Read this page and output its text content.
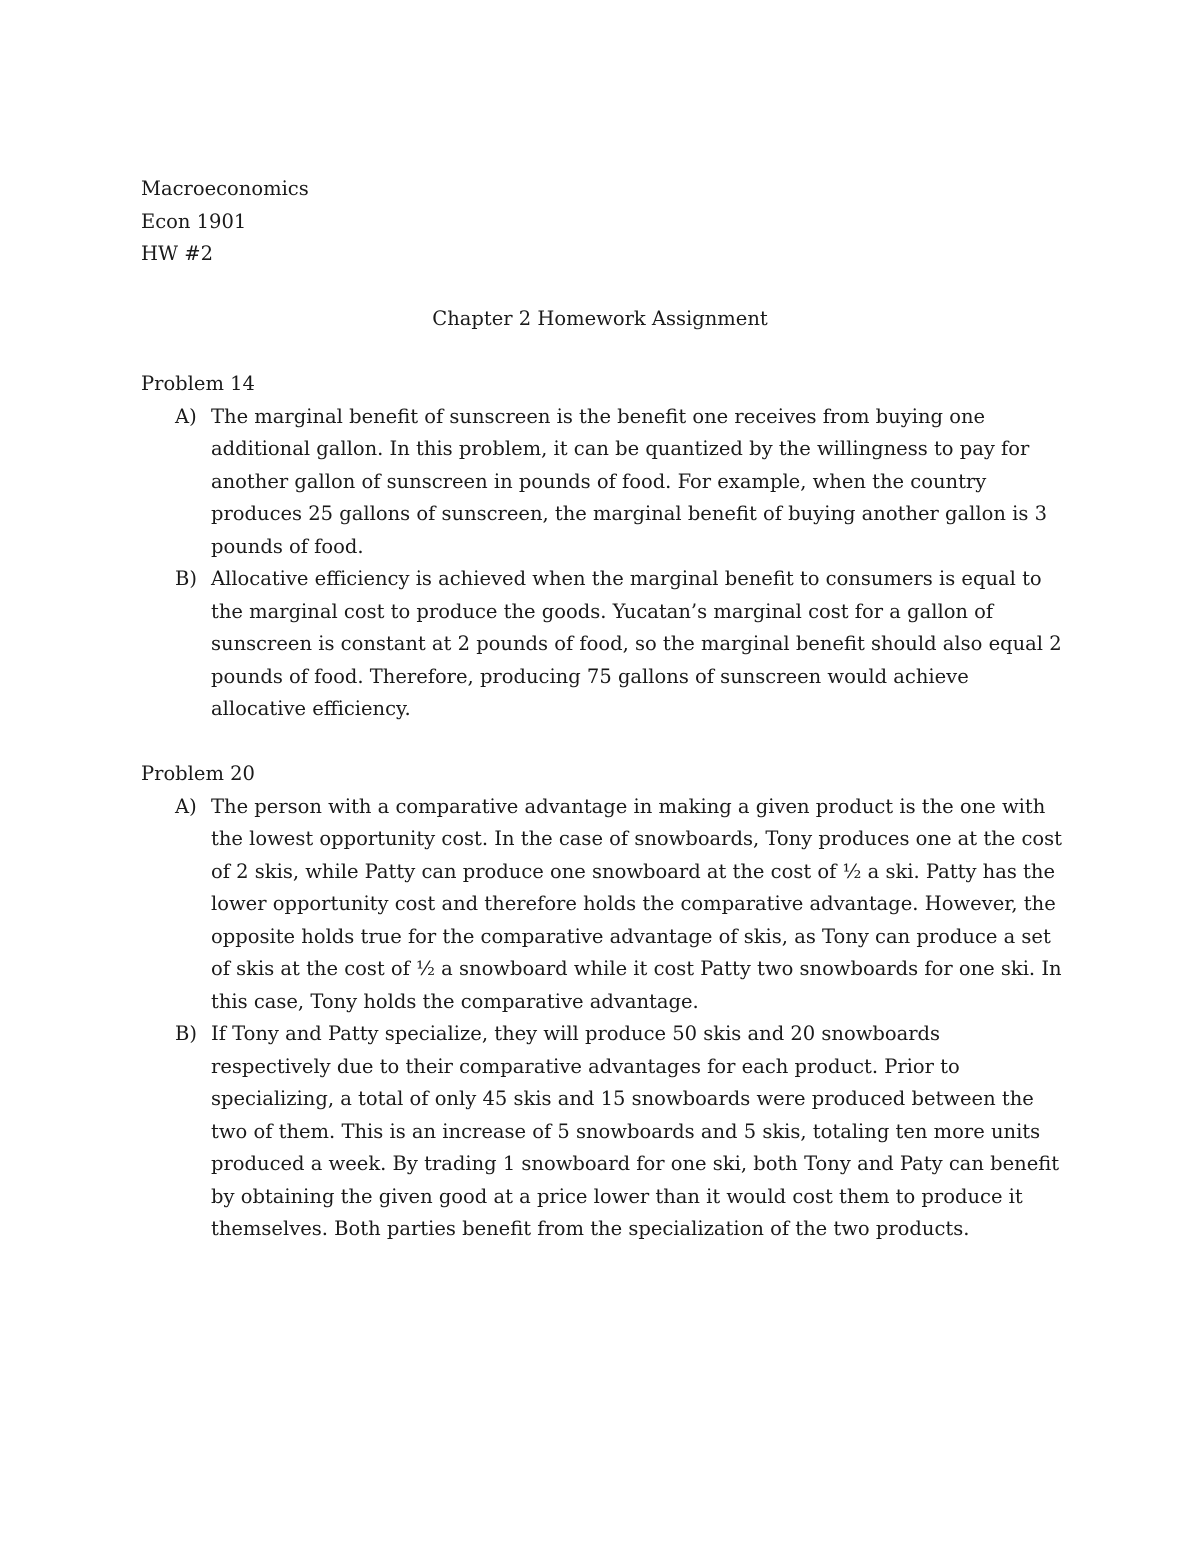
Macroeconomics
Econ 1901
HW #2
Chapter 2 Homework Assignment
Problem 14
A) The marginal benefit of sunscreen is the benefit one receives from buying one additional gallon. In this problem, it can be quantized by the willingness to pay for another gallon of sunscreen in pounds of food. For example, when the country produces 25 gallons of sunscreen, the marginal benefit of buying another gallon is 3 pounds of food.

B) Allocative efficiency is achieved when the marginal benefit to consumers is equal to the marginal cost to produce the goods. Yucatan’s marginal cost for a gallon of sunscreen is constant at 2 pounds of food, so the marginal benefit should also equal 2 pounds of food. Therefore, producing 75 gallons of sunscreen would achieve allocative efficiency.

Problem 20
A) The person with a comparative advantage in making a given product is the one with the lowest opportunity cost. In the case of snowboards, Tony produces one at the cost of 2 skis, while Patty can produce one snowboard at the cost of ½ a ski. Patty has the lower opportunity cost and therefore holds the comparative advantage. However, the opposite holds true for the comparative advantage of skis, as Tony can produce a set of skis at the cost of ½ a snowboard while it cost Patty two snowboards for one ski. In this case, Tony holds the comparative advantage.

B) If Tony and Patty specialize, they will produce 50 skis and 20 snowboards respectively due to their comparative advantages for each product. Prior to specializing, a total of only 45 skis and 15 snowboards were produced between the two of them. This is an increase of 5 snowboards and 5 skis, totaling ten more units produced a week. By trading 1 snowboard for one ski, both Tony and Paty can benefit by obtaining the given good at a price lower than it would cost them to produce it themselves. Both parties benefit from the specialization of the two products.
